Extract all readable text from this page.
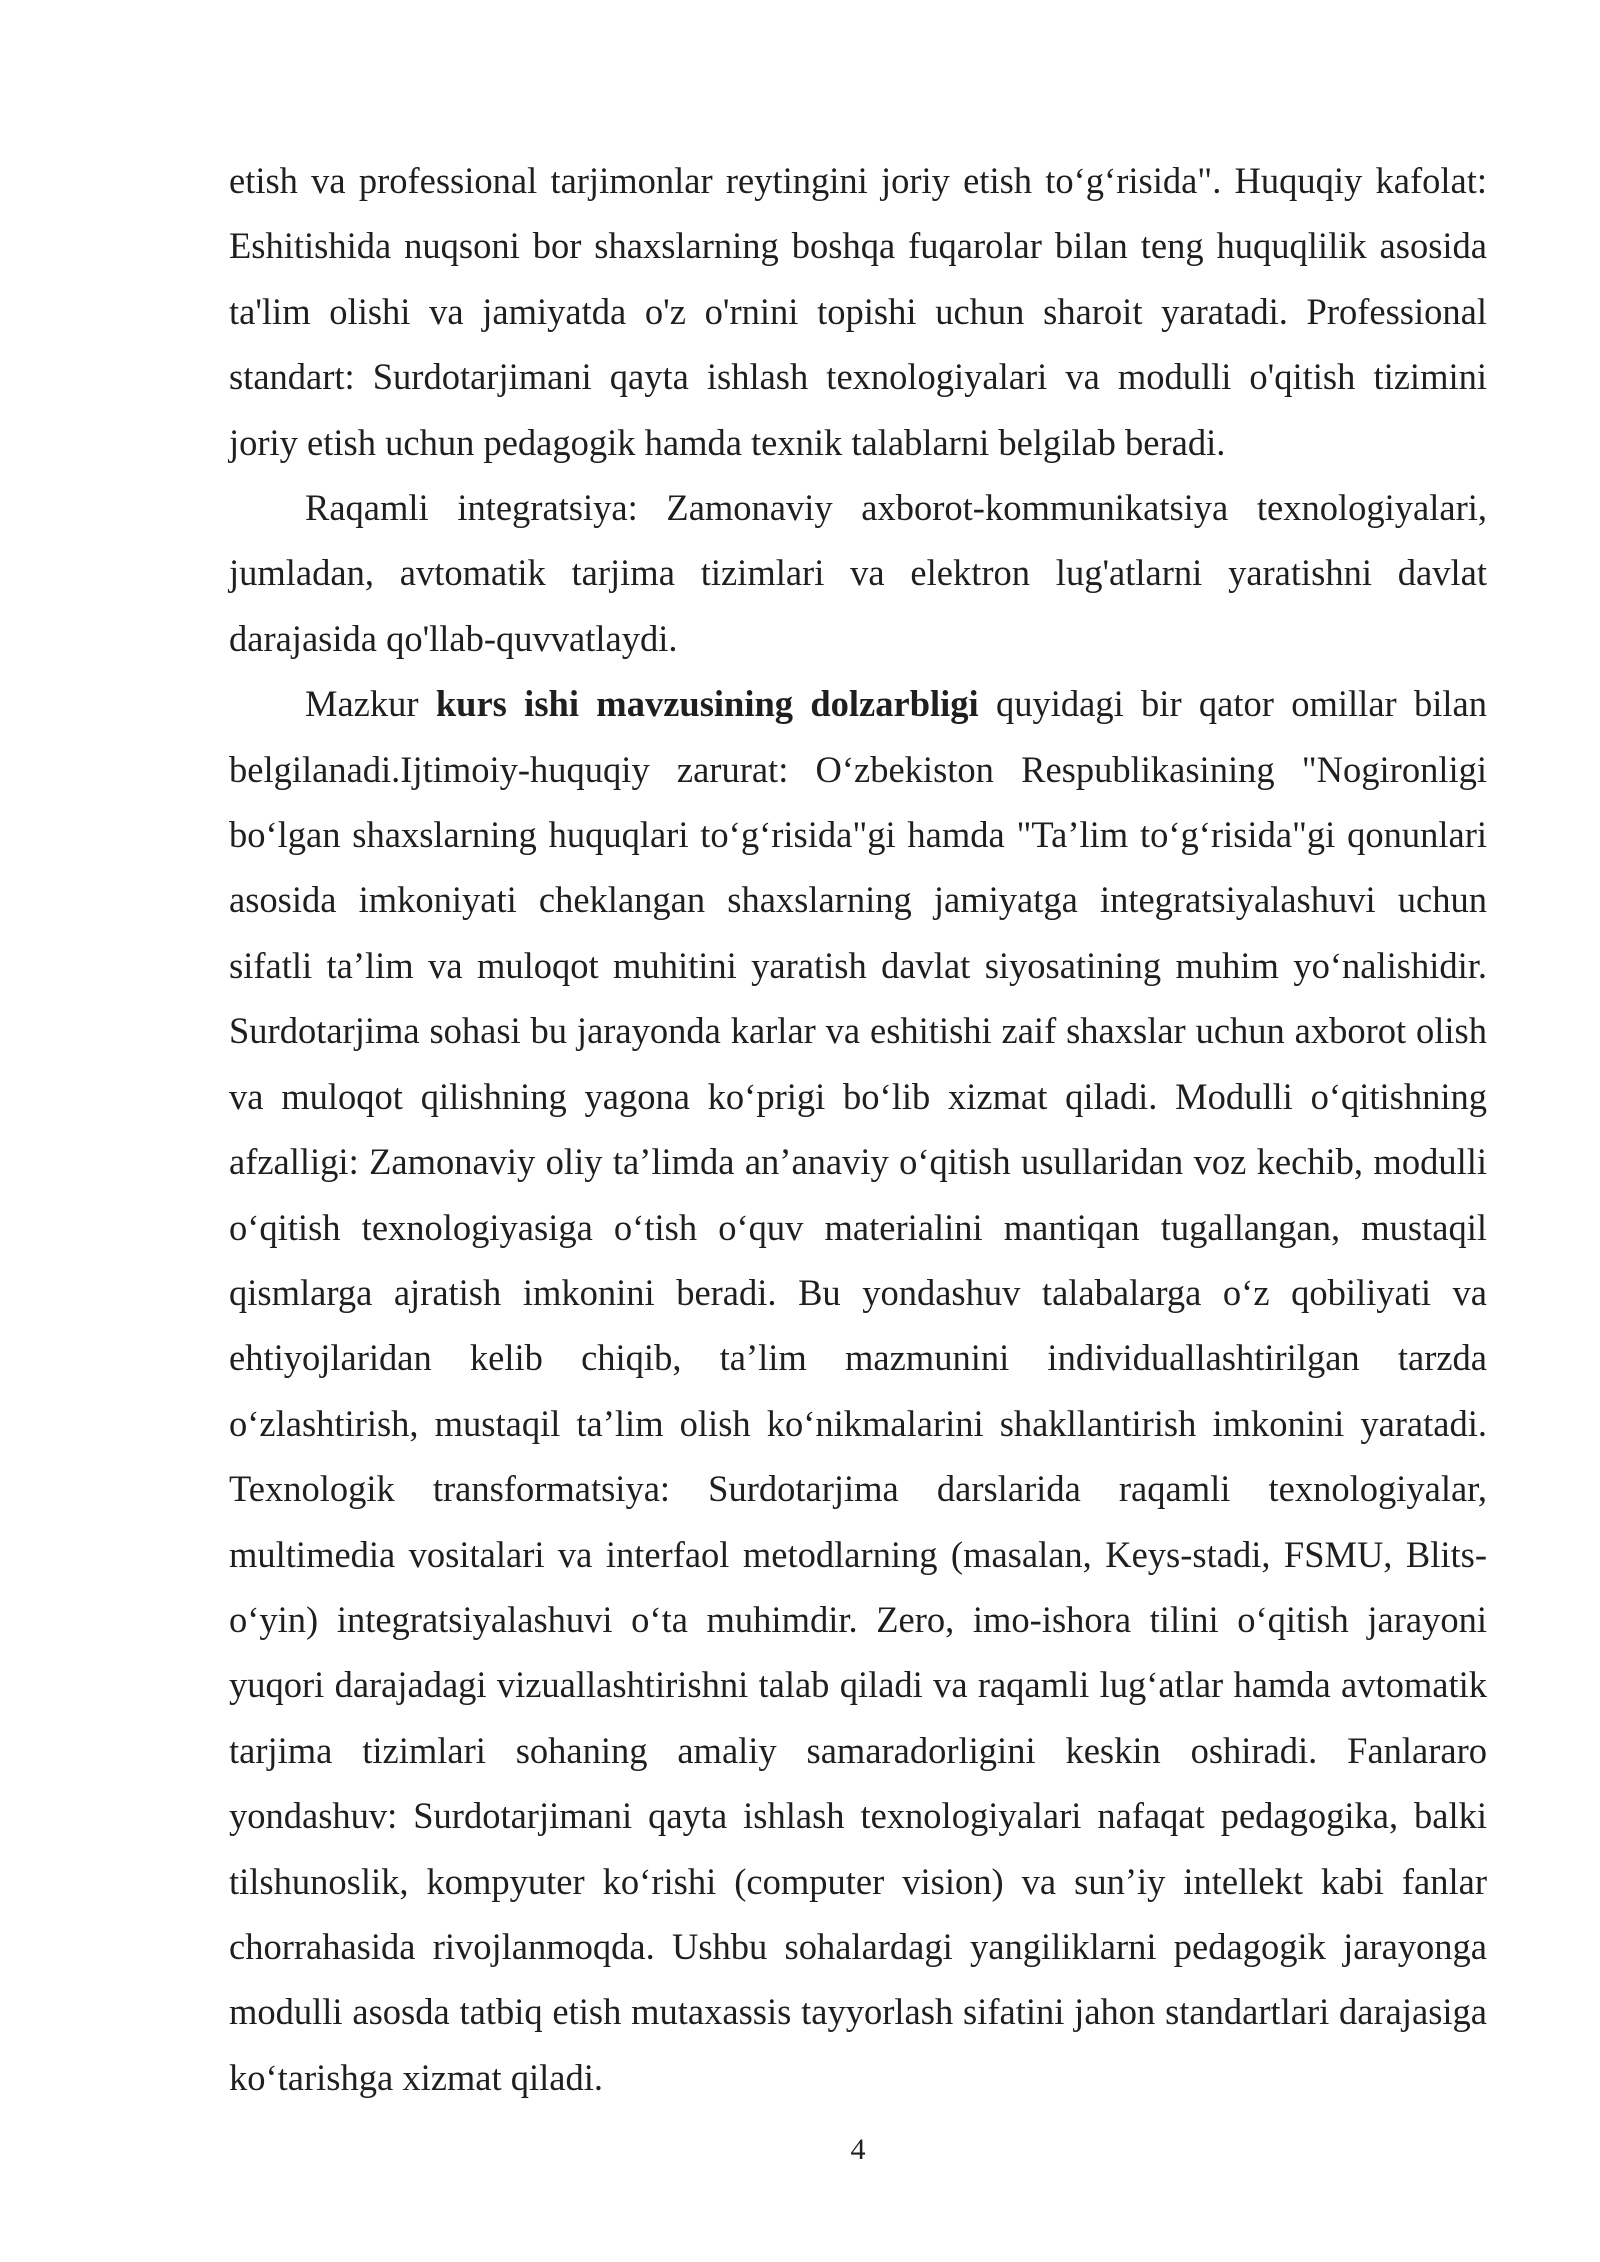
etish va professional tarjimonlar reytingini joriy etish to‘g‘risida". Huquqiy kafolat: Eshitishida nuqsoni bor shaxslarning boshqa fuqarolar bilan teng huquqlilik asosida ta'lim olishi va jamiyatda o'z o'rnini topishi uchun sharoit yaratadi. Professional standart: Surdotarjimani qayta ishlash texnologiyalari va modulli o'qitish tizimini joriy etish uchun pedagogik hamda texnik talablarni belgilab beradi.

Raqamli integratsiya: Zamonaviy axborot-kommunikatsiya texnologiyalari, jumladan, avtomatik tarjima tizimlari va elektron lug'atlarni yaratishni davlat darajasida qo'llab-quvvatlaydi.

Mazkur kurs ishi mavzusining dolzarbligi quyidagi bir qator omillar bilan belgilanadi.Ijtimoiy-huquqiy zarurat: O‘zbekiston Respublikasining "Nogironligi bo‘lgan shaxslarning huquqlari to‘g‘risida"gi hamda "Ta’lim to‘g‘risida"gi qonunlari asosida imkoniyati cheklangan shaxslarning jamiyatga integratsiyalashuvi uchun sifatli ta’lim va muloqot muhitini yaratish davlat siyosatining muhim yo‘nalishidir. Surdotarjima sohasi bu jarayonda karlar va eshitishi zaif shaxslar uchun axborot olish va muloqot qilishning yagona ko‘prigi bo‘lib xizmat qiladi. Modulli o‘qitishning afzalligi: Zamonaviy oliy ta’limda an’anaviy o‘qitish usullaridan voz kechib, modulli o‘qitish texnologiyasiga o‘tish o‘quv materialini mantiqan tugallangan, mustaqil qismlarga ajratish imkonini beradi. Bu yondashuv talabalarga o‘z qobiliyati va ehtiyojlaridan kelib chiqib, ta’lim mazmunini individuallashtirilgan tarzda o‘zlashtirish, mustaqil ta’lim olish ko‘nikmalarini shakllantirish imkonini yaratadi. Texnologik transformatsiya: Surdotarjima darslarida raqamli texnologiyalar, multimedia vositalari va interfaol metodlarning (masalan, Keys-stadi, FSMU, Blits-o‘yin) integratsiyalashuvi o‘ta muhimdir. Zero, imo-ishora tilini o‘qitish jarayoni yuqori darajadagi vizuallashtirishni talab qiladi va raqamli lug‘atlar hamda avtomatik tarjima tizimlari sohaning amaliy samaradorligini keskin oshiradi. Fanlararo yondashuv: Surdotarjimani qayta ishlash texnologiyalari nafaqat pedagogika, balki tilshunoslik, kompyuter ko‘rishi (computer vision) va sun’iy intellekt kabi fanlar chorrahasida rivojlanmoqda. Ushbu sohalardagi yangiliklarni pedagogik jarayonga modulli asosda tatbiq etish mutaxassis tayyorlash sifatini jahon standartlari darajasiga ko‘tarishga xizmat qiladi.

4
